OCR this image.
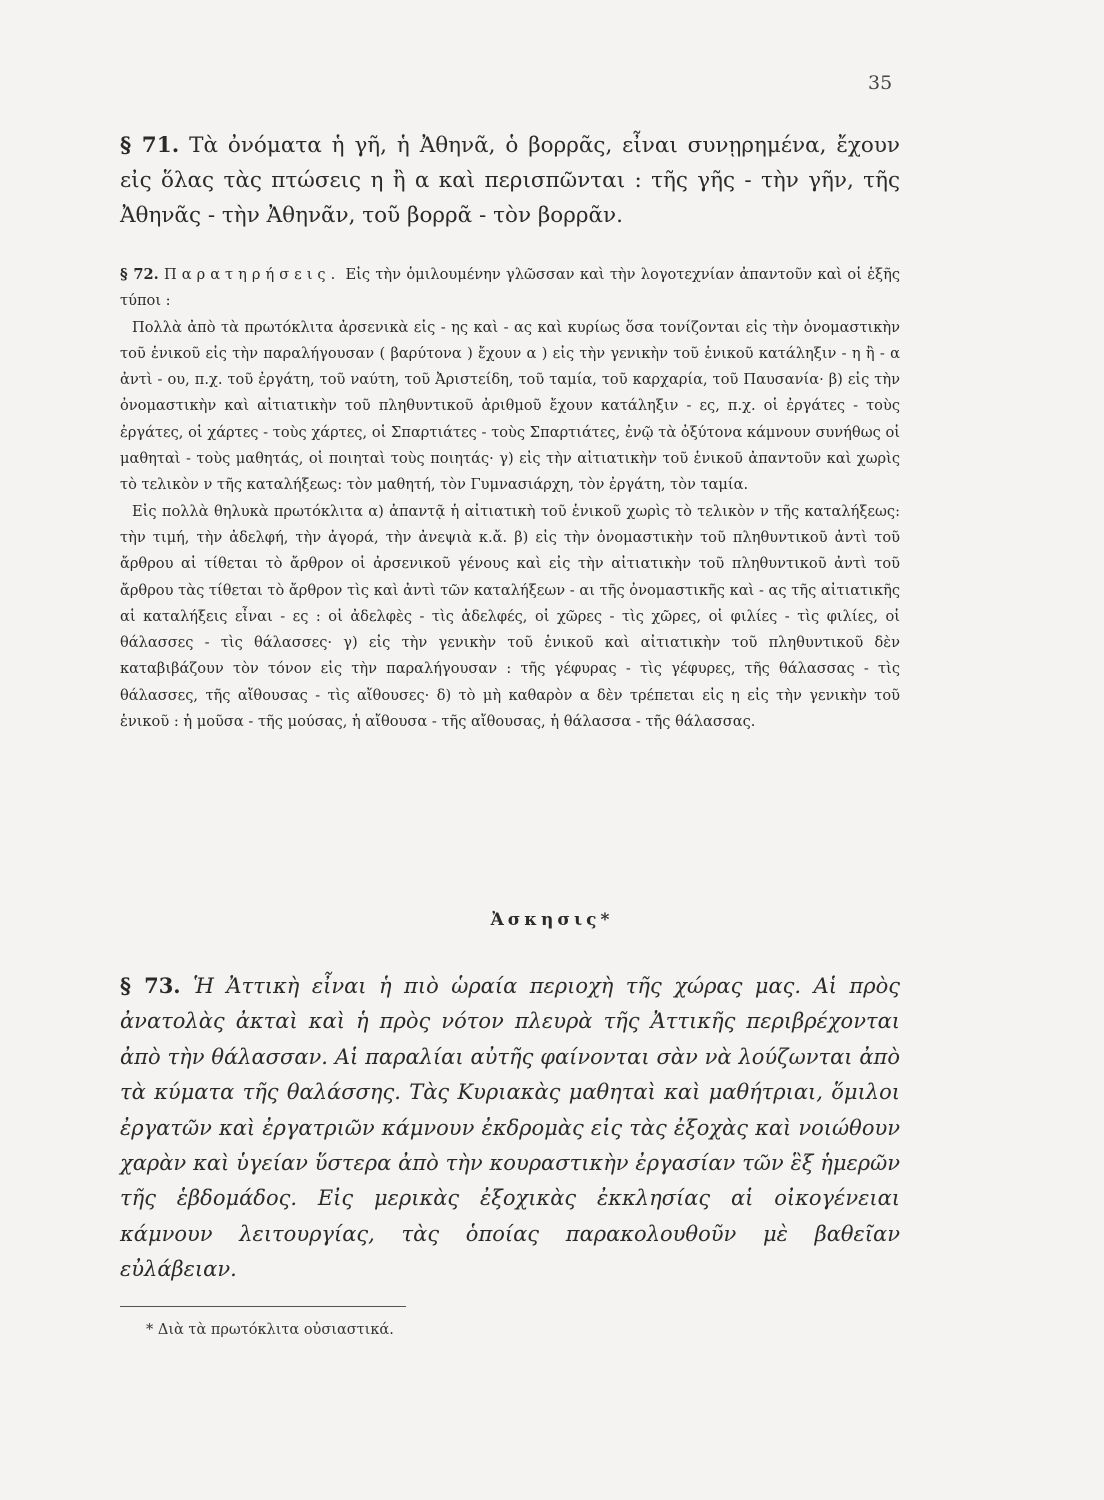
35
§ 71. Τὰ ὀνόματα ἡ γῆ, ἡ Ἀθηνᾶ, ὁ βορρᾶς, εἶναι συνῃρημένα, ἔχουν εἰς ὅλας τὰς πτώσεις η ἢ α καὶ περισπῶνται : τῆς γῆς - τὴν γῆν, τῆς Ἀθηνᾶς - τὴν Ἀθηνᾶν, τοῦ βορρᾶ - τὸν βορρᾶν.

§ 72. Παρατηρήσεις. Εἰς τὴν ὁμιλουμένην γλῶσσαν καὶ τὴν λογοτεχνίαν ἀπαντοῦν καὶ οἱ ἑξῆς τύποι :

Πολλὰ ἀπὸ τὰ πρωτόκλιτα ἀρσενικὰ εἰς - ης καὶ - ας καὶ κυρίως ὅσα τονίζονται εἰς τὴν ὀνομαστικὴν τοῦ ἑνικοῦ εἰς τὴν παραλήγουσαν ( βαρύτονα ) ἔχουν α ) εἰς τὴν γενικὴν τοῦ ἑνικοῦ κατάληξιν - η ἢ - α ἀντὶ - ου, π.χ. τοῦ ἐργάτη, τοῦ ναύτη, τοῦ Ἀριστείδη, τοῦ ταμία, τοῦ καρχαρία, τοῦ Παυσανία· β) εἰς τὴν ὀνομαστικὴν καὶ αἰτιατικὴν τοῦ πληθυντικοῦ ἀριθμοῦ ἔχουν κατάληξιν - ες, π.χ. οἱ ἐργάτες - τοὺς ἐργάτες, οἱ χάρτες - τοὺς χάρτες, οἱ Σπαρτιάτες - τοὺς Σπαρτιάτες, ἐνῷ τὰ ὀξύτονα κάμνουν συνήθως οἱ μαθηταὶ - τοὺς μαθητάς, οἱ ποιηταὶ τοὺς ποιητάς· γ) εἰς τὴν αἰτιατικὴν τοῦ ἑνικοῦ ἀπαντοῦν καὶ χωρὶς τὸ τελικὸν ν τῆς καταλήξεως: τὸν μαθητή, τὸν Γυμνασιάρχη, τὸν ἐργάτη, τὸν ταμία.

Εἰς πολλὰ θηλυκὰ πρωτόκλιτα α) ἀπαντᾷ ἡ αἰτιατικὴ τοῦ ἑνικοῦ χωρὶς τὸ τελικὸν ν τῆς καταλήξεως: τὴν τιμή, τὴν ἀδελφή, τὴν ἀγορά, τὴν ἀνεψιὰ κ.ἄ. β) εἰς τὴν ὀνομαστικὴν τοῦ πληθυντικοῦ ἀντὶ τοῦ ἄρθρου αἱ τίθεται τὸ ἄρθρον οἱ ἀρσενικοῦ γένους καὶ εἰς τὴν αἰτιατικὴν τοῦ πληθυντικοῦ ἀντὶ τοῦ ἄρθρου τὰς τίθεται τὸ ἄρθρον τὶς καὶ ἀντὶ τῶν καταλήξεων - αι τῆς ὀνομαστικῆς καὶ - ας τῆς αἰτιατικῆς αἱ καταλήξεις εἶναι - ες : οἱ ἀδελφὲς - τὶς ἀδελφές, οἱ χῶρες - τὶς χῶρες, οἱ φιλίες - τὶς φιλίες, οἱ θάλασσες - τὶς θάλασσες· γ) εἰς τὴν γενικὴν τοῦ ἑνικοῦ καὶ αἰτιατικὴν τοῦ πληθυντικοῦ δὲν καταβιβάζουν τὸν τόνον εἰς τὴν παραλήγουσαν : τῆς γέφυρας - τὶς γέφυρες, τῆς θάλασσας - τὶς θάλασσες, τῆς αἴθουσας - τὶς αἴθουσες· δ) τὸ μὴ καθαρὸν α δὲν τρέπεται εἰς η εἰς τὴν γενικὴν τοῦ ἑνικοῦ : ἡ μοῦσα - τῆς μούσας, ἡ αἴθουσα - τῆς αἴθουσας, ἡ θάλασσα - τῆς θάλασσας.

Ἀσκησις*
§ 73. Ἡ Ἀττικὴ εἶναι ἡ πιὸ ὡραία περιοχὴ τῆς χώρας μας. Αἱ πρὸς ἀνατολὰς ἀκταὶ καὶ ἡ πρὸς νότον πλευρὰ τῆς Ἀττικῆς περιβρέχονται ἀπὸ τὴν θάλασσαν. Αἱ παραλίαι αὐτῆς φαίνονται σὰν νὰ λούζωνται ἀπὸ τὰ κύματα τῆς θαλάσσης. Τὰς Κυριακὰς μαθηταὶ καὶ μαθήτριαι, ὅμιλοι ἐργατῶν καὶ ἐργατριῶν κάμνουν ἐκδρομὰς εἰς τὰς ἐξοχὰς καὶ νοιώθουν χαρὰν καὶ ὑγείαν ὕστερα ἀπὸ τὴν κουραστικὴν ἐργασίαν τῶν ἓξ ἡμερῶν τῆς ἑβδομάδος. Εἰς μερικὰς ἐξοχικὰς ἐκκλησίας αἱ οἰκογένειαι κάμνουν λειτουργίας, τὰς ὁποίας παρακολουθοῦν μὲ βαθεῖαν εὐλάβειαν.
* Διὰ τὰ πρωτόκλιτα οὐσιαστικά.
